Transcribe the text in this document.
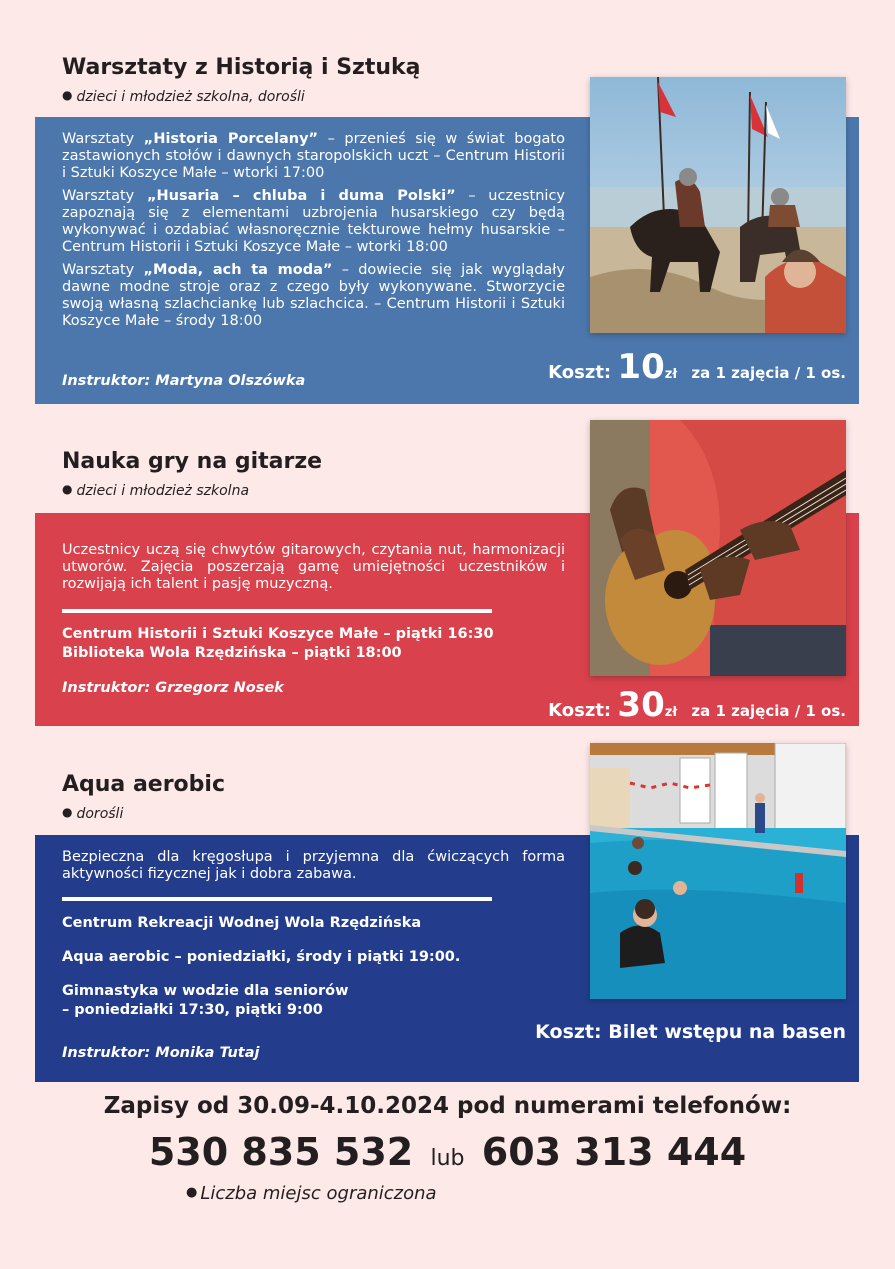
Warsztaty z Historią i Sztuką
● dzieci i młodzież szkolna, dorośli

Warsztaty „Historia Porcelany” – przenieś się w świat bogato zastawionych stołów i dawnych staropolskich uczt – Centrum Historii i Sztuki Koszyce Małe – wtorki 17:00

Warsztaty „Husaria – chluba i duma Polski” – uczestnicy zapoznają się z elementami uzbrojenia husarskiego czy będą wykonywać i ozdabiać własnoręcznie tekturowe hełmy husarskie – Centrum Historii i Sztuki Koszyce Małe – wtorki 18:00

Warsztaty „Moda, ach ta moda” – dowiecie się jak wyglądały dawne modne stroje oraz z czego były wykonywane. Stworzycie swoją własną szlachciankę lub szlachcica. – Centrum Historii i Sztuki Koszyce Małe – środy 18:00

Instruktor: Martyna Olszówka	Koszt: 10zł za 1 zajęcia / 1 os.
Nauka gry na gitarze
● dzieci i młodzież szkolna

Uczestnicy uczą się chwytów gitarowych, czytania nut, harmonizacji utworów. Zajęcia poszerzają gamę umiejętności uczestników i rozwijają ich talent i pasję muzyczną.

Centrum Historii i Sztuki Koszyce Małe – piątki 16:30
Biblioteka Wola Rzędzińska – piątki 18:00
Instruktor: Grzegorz Nosek
Koszt: 30zł za 1 zajęcia / 1 os.
Aqua aerobic
● dorośli

Bezpieczna dla kręgosłupa i przyjemna dla ćwiczących forma aktywności fizycznej jak i dobra zabawa.

Centrum Rekreacji Wodnej Wola Rzędzińska
Aqua aerobic – poniedziałki, środy i piątki 19:00.
Gimnastyka w wodzie dla seniorów
– poniedziałki 17:30, piątki 9:00
Instruktor: Monika Tutaj
Koszt: Bilet wstępu na basen
Zapisy od 30.09-4.10.2024 pod numerami telefonów:
530 835 532 lub 603 313 444
● Liczba miejsc ograniczona
